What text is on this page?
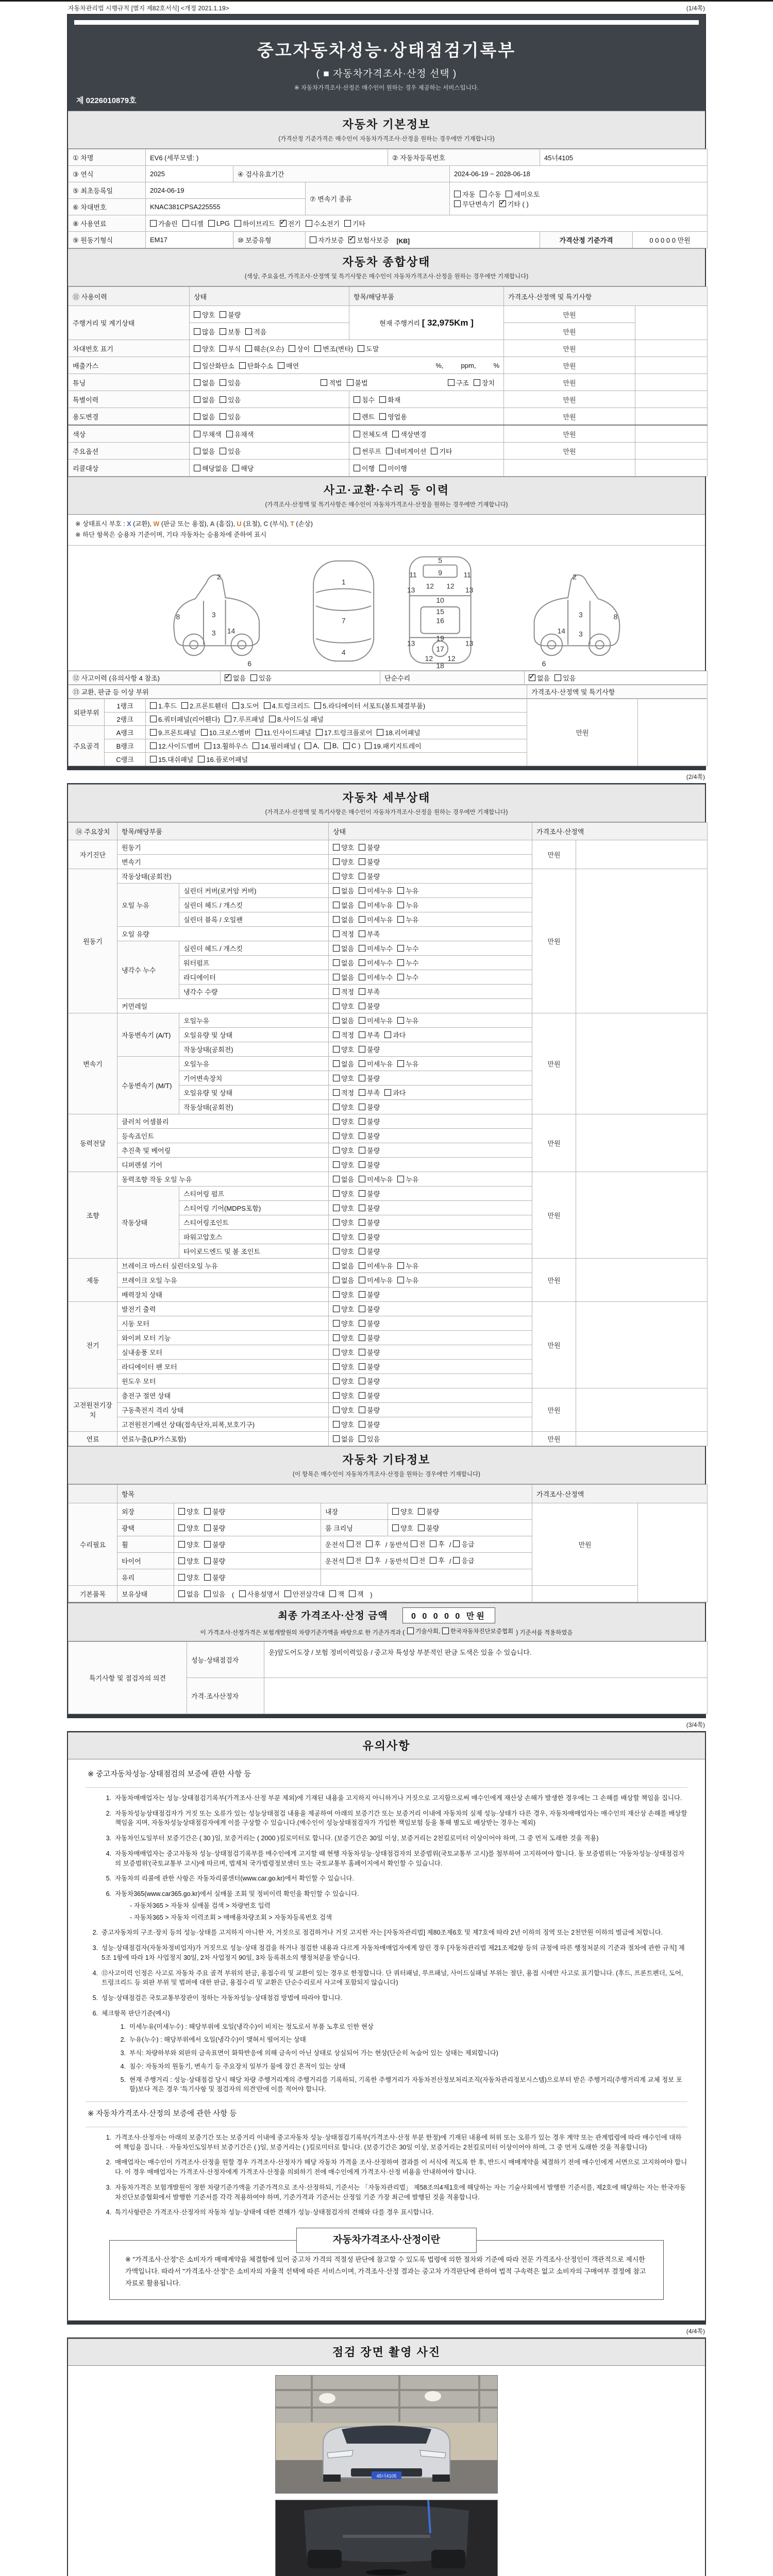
자동차관리법 시행규칙 [별지 제82호서식] <개정 2021.1.19>	(1/4쪽)
중고자동차성능·상태점검기록부
( ■ 자동차가격조사·산정 선택 )
※ 자동차가격조사·산정은 매수인이 원하는 경우 제공하는 서비스입니다.
제 0226010879호
자동차 기본정보
(가격산정 기준가격은 매수인이 자동차가격조사·산정을 원하는 경우에만 기재합니다)
① 차명	EV6 (세부모델: )			② 자동차등록번호		45너4105	
③ 연식	2025	④ 검사유효기간			2024-06-19 ~ 2028-06-18		
⑤ 최초등록일	2024-06-19		⑦ 변속기 종류		자동 수동 세미오토
무단변속기 ✓ 기타 ( )

⑥ 차대번호	KNAC381CPSA225555						
⑧ 사용연료	가솔린 디젤 LPG 하이브리드 ✓ 전기 수소전기 기타

⑨ 원동기형식	EM17	⑩ 보증유형	자가보증 ✓ 보험사보증 [KB]			가격산정 기준가격	0 0 0 0 0 만원
자동차 종합상태
(색상, 주요옵션, 가격조사·산정액 및 특기사항은 매수인이 자동차가격조사·산정을 원하는 경우에만 기재합니다)
⑪ 사용이력	상태	항목/해당부품	가격조사·산정액 및 특기사항	
주행거리 및 계기상태	양호 불량	현재 주행거리 [ 32,975Km ]	만원	

	많음 보통 적음		만원	
차대번호 표기	양호 부식 훼손(오손) 상이 변조(변타) 도말	만원	
배출가스	일산화탄소 탄화수소 매연 %, ppm, %		만원	
튜닝	없음 있음	적법 불법	구조 장치	만원	
특별이력	없음 있음	침수 화재	만원	
용도변경	없음 있음	렌트 영업용	만원	
색상	무채색 유채색	전체도색 색상변경	만원	
주요옵션	없음 있음	썬루프 네비게이션 기타	만원	
리콜대상	해당없음 해당	이행 미이행		

사고·교환·수리 등 이력
(가격조사·산정액 및 특기사항은 매수인이 자동차가격조사·산정을 원하는 경우에만 기재합니다)
※ 상태표시 부호 : X (교환), W (판금 또는 용접), A (흠집), U (요철), C (부식), T (손상)
※ 하단 항목은 승용차 기준이며, 기타 자동차는 승용차에 준하여 표시
2
8	3
14
3
6
1
7
4
5
11	11
13	13
12 12
9
10
15
16
19
13	13
12 12
17
18
2
3	8
14 3
6
⑫ 사고이력 (유의사항 4 참조)	
✓없음 있음	단순수리	
✓없음 있음
⑬ 교환, 판금 등 이상 부위	가격조사·산정액 및 특기사항
외판부위	1랭크	1.후드 2.프론트휀더 3.도어 4.트렁크리드 5.라디에이터 서포트(볼트체결부품)	만원	
	2랭크	6.쿼터패널(리어휀다) 7.루프패널 8.사이드실 패널		

주요골격	A랭크	9.프론트패널 10.크로스멤버 11.인사이드패널 17.트렁크플로어 18.리어패널		

B랭크	12.사이드멤버 13.휠하우스 14.필러패널 ( A, B, C ) 19.패키지트레이

	C랭크	15.대쉬패널 16.플로어패널		
(2/4쪽)
자동차 세부상태
(가격조사·산정액 및 특기사항은 매수인이 자동차가격조사·산정을 원하는 경우에만 기재합니다)
⑭ 주요장치	항목/해당부품		상태	가격조사·산정액	
자기진단	원동기		양호 불량	만원	
	변속기		양호 불량		

원동기	작동상태(공회전)		양호 불량	만원	
	오일 누유	실린더 커버(로커암 커버)	없음 미세누유 누유		

		실린더 헤드 / 개스킷	없음 미세누유 누유		

		실린더 블록 / 오일팬	없음 미세누유 누유		

	오일 유량		적정 부족		

	냉각수 누수	실린더 헤드 / 개스킷	없음 미세누수 누수		

		워터펌프	없음 미세누수 누수		

		라디에이터	없음 미세누수 누수		

		냉각수 수량	적정 부족		

	커먼레일		양호 불량		

변속기	자동변속기 (A/T)	오일누유	없음 미세누유 누유	만원	
		오일유량 및 상태	적정 부족 과다		

		작동상태(공회전)	양호 불량		

	수동변속기 (M/T)	오일누유	없음 미세누유 누유		

		기어변속장치	양호 불량		

		오일유량 및 상태	적정 부족 과다		

		작동상태(공회전)	양호 불량		

동력전달	클러치 어셈블리		양호 불량	만원	
	등속죠인트		양호 불량		

	추진축 및 베어링		양호 불량		

	디퍼렌셜 기어		양호 불량		

조향	동력조향 작동 오일 누유		없음 미세누유 누유	만원	
	작동상태	스티어링 펌프	양호 불량		

		스티어링 기어(MDPS포함)	양호 불량		

		스티어링조인트	양호 불량		

		파워고압호스	양호 불량		

		타이로드엔드 및 볼 조인트	양호 불량		

제동	브레이크 마스터 실린더오일 누유		없음 미세누유 누유	만원	
	브레이크 오일 누유		없음 미세누유 누유		

	배력장치 상태		양호 불량		

전기	발전기 출력		양호 불량	만원	
	시동 모터		양호 불량		

	와이퍼 모터 기능		양호 불량		

	실내송풍 모터		양호 불량		

	라디에이터 팬 모터		양호 불량		

	윈도우 모터		양호 불량		

고전원전기장치	충전구 절연 상태		양호 불량	만원	
	구동축전지 격리 상태		양호 불량		

	고전원전기배선 상태(접속단자,피복,보호기구)		양호 불량		

연료	연료누출(LP가스포함)		없음 있음	만원	
자동차 기타정보
(이 항목은 매수인이 자동차가격조사·산정을 원하는 경우에만 기재합니다)
	항목				가격조사·산정액	
수리필요	외장	양호 불량	내장	양호 불량	만원	
	광택	양호 불량	룸 크리닝	양호 불량		

휠	양호 불량	운전석 전 후 / 동반석 전 후 / 응급

타이어	양호 불량	운전석 전 후 / 동반석 전 후 / 응급

	유리	양호 불량				

기본품목	보유상태	없음 있음 ( 사용설명서 안전삼각대 잭 잭 )	
최종 가격조사·산정 금액	0 0 0 0 0 만원
이 가격조사·산정가격은 보험개발원의 차량기준가액을 바탕으로 한 기준가격과 ( 기술사회, 한국자동차진단보증협회 ) 기준서를 적용하였음
특기사항 및 점검자의 의견	성능·상태점검자	운)앞도어도장 / 보험 정비이력있음 / 중고차 특성상 부분적인 판금 도색은 있을 수 있습니다.
	가격·조사산정자	
(3/4쪽)
유의사항
※ 중고자동차성능·상태점검의 보증에 관한 사항 등
1. 자동차매매업자는 성능·상태점검기록부(가격조사·산정 부분 제외)에 기재된 내용을 고지하지 아니하거나 거짓으로 고지함으로써 매수인에게 재산상 손해가 발생한 경우에는 그 손해를 배상할 책임을 집니다.
2. 자동차성능상태점검자가 거짓 또는 오류가 있는 성능상태점검 내용을 제공하여 아래의 보증기간 또는 보증거리 이내에 자동차의 실제 성능·상태가 다른 경우, 자동차매매업자는 매수인의 재산상 손해를 배상할 책임을 지며, 자동차성능상태점검자에게 이를 구상할 수 있습니다.(매수인이 성능상태점검자가 가입한 책임보험 등을 통해 별도로 배상받는 경우는 제외)
3. 자동차인도일부터 보증기간은 ( 30 )일, 보증거리는 ( 2000 )킬로미터로 합니다. (보증기간은 30일 이상, 보증거리는 2천킬로미터 이상이어야 하며, 그 중 먼저 도래한 것을 적용)
4. 자동차매매업자는 중고자동차 성능·상태점검기록부를 매수인에게 고지할 때 현행 자동차성능·상태점검자의 보증범위(국토교통부 고시)를 첨부하여 고지하여야 합니다. 동 보증범위는 '자동차성능·상태점검자의 보증범위'(국토교통부 고시)에 따르며, 법제처 국가법령정보센터 또는 국토교통부 홈페이지에서 확인할 수 있습니다.
5. 자동차의 리콜에 관한 사항은 자동차리콜센터(www.car.go.kr)에서 확인할 수 있습니다.
6. 자동차365(www.car365.go.kr)에서 실매물 조회 및 정비이력 확인을 확인할 수 있습니다.
- 자동차365 > 자동차 실매물 검색 > 차량번호 입력
- 자동차365 > 자동차 이력조회 > 매매용차량조회 > 자동차등록번호 검색
2. 중고자동차의 구조·장치 등의 성능·상태를 고지하지 아니한 자, 거짓으로 점검하거나 거짓 고지한 자는 [자동차관리법] 제80조제6호 및 제7호에 따라 2년 이하의 징역 또는 2천만원 이하의 벌금에 처합니다.
3. 성능·상태점검자(자동차정비업자)가 거짓으로 성능·상태 점검을 하거나 점검한 내용과 다르게 자동차매매업자에게 알린 경우 [자동차관리법 제21조제2항 등의 규정에 따른 행정처분의 기준과 절차에 관한 규칙] 제5조 1항에 따라 1차 사업정지 30일, 2차 사업정지 90일, 3차 등록취소의 행정처분을 받습니다.
4. ⑫사고이력 인정은 사고로 자동차 주요 골격 부위의 판금, 용접수리 및 교환이 있는 경우로 한정합니다. 단 쿼터패널, 루프패널, 사이드실패널 부위는 절단, 용접 시에만 사고로 표기합니다. (후드, 프론트펜더, 도어, 트렁크리드 등 외판 부위 및 범퍼에 대한 판금, 용접수리 및 교환은 단순수리로서 사고에 포함되지 않습니다)
5. 성능·상태점검은 국토교통부장관이 정하는 자동차성능·상태점검 방법에 따라야 합니다.
6. 체크항목 판단기준(예시)
1. 미세누유(미세누수) : 해당부위에 오일(냉각수)이 비치는 정도로서 부품 노후로 인한 현상
2. 누유(누수) : 해당부위에서 오일(냉각수)이 맺혀서 떨어지는 상태
3. 부식: 차량하부와 외판의 금속표면이 화학반응에 의해 금속이 아닌 상태로 상실되어 가는 현상(단순히 녹슬어 있는 상태는 제외합니다)
4. 침수: 자동차의 원동기, 변속기 등 주요장치 일부가 물에 잠긴 흔적이 있는 상태
5. 현재 주행거리 : 성능·상태점검 당시 해당 차량 주행거리계의 주행거리를 기록하되, 기록한 주행거리가 자동차전산정보처리조직(자동차관리정보시스템)으로부터 받은 주행거리(주행거리계 교체 정보 포함)보다 적은 경우 '특기사항 및 점검자의 의견'란에 이를 적어야 합니다.
※ 자동차가격조사·산정의 보증에 관한 사항 등
1. 가격조사·산정자는 아래의 보증기간 또는 보증거리 이내에 중고자동차 성능·상태점검기록부(가격조사·산정 부분 한정)에 기재된 내용에 허위 또는 오류가 있는 경우 계약 또는 관계법령에 따라 매수인에 대하여 책임을 집니다. · 자동차인도일부터 보증기간은 ( )일, 보증거리는 ( )킬로미터로 합니다. (보증기간은 30일 이상, 보증거리는 2천킬로미터 이상이어야 하며, 그 중 먼저 도래한 것을 적용합니다)
2. 매매업자는 매수인이 가격조사·산정을 원할 경우 가격조사·산정자가 해당 자동차 가격을 조사·산정하여 결과를 이 서식에 적도록 한 후, 반드시 매매계약을 체결하기 전에 매수인에게 서면으로 고지하여야 합니다. 이 경우 매매업자는 가격조사·산정자에게 가격조사·산정을 의뢰하기 전에 매수인에게 가격조사·산정 비용을 안내하여야 합니다.
3. 자동차가격은 보험개발원이 정한 차량기준가액을 기준가격으로 조사·산정하되, 기준서는 「자동차관리법」 제58조의4제1호에 해당하는 자는 기술사회에서 발행한 기준서를, 제2호에 해당하는 자는 한국자동차진단보증협회에서 발행한 기준서를 각각 적용하여야 하며, 기준가격과 기준서는 산정일 기준 가장 최근에 발행된 것을 적용합니다.
4. 특기사항란은 가격조사·산정자의 자동차 성능·상태에 대한 견해가 성능·상태점검자의 견해와 다를 경우 표시합니다.
자동차가격조사·산정이란
※ "가격조사·산정"은 소비자가 매매계약을 체결함에 있어 중고차 가격의 적절성 판단에 참고할 수 있도록 법령에 의한 절차와 기준에 따라 전문 가격조사·산정인이 객관적으로 제시한 가액입니다. 따라서 "가격조사·산정"은 소비자의 자율적 선택에 따른 서비스이며, 가격조사·산정 결과는 중고차 가격판단에 관하여 법적 구속력은 없고 소비자의 구매여부 결정에 참고자료로 활용됩니다.
(4/4쪽)
점검 장면 촬영 사진
45너4105
